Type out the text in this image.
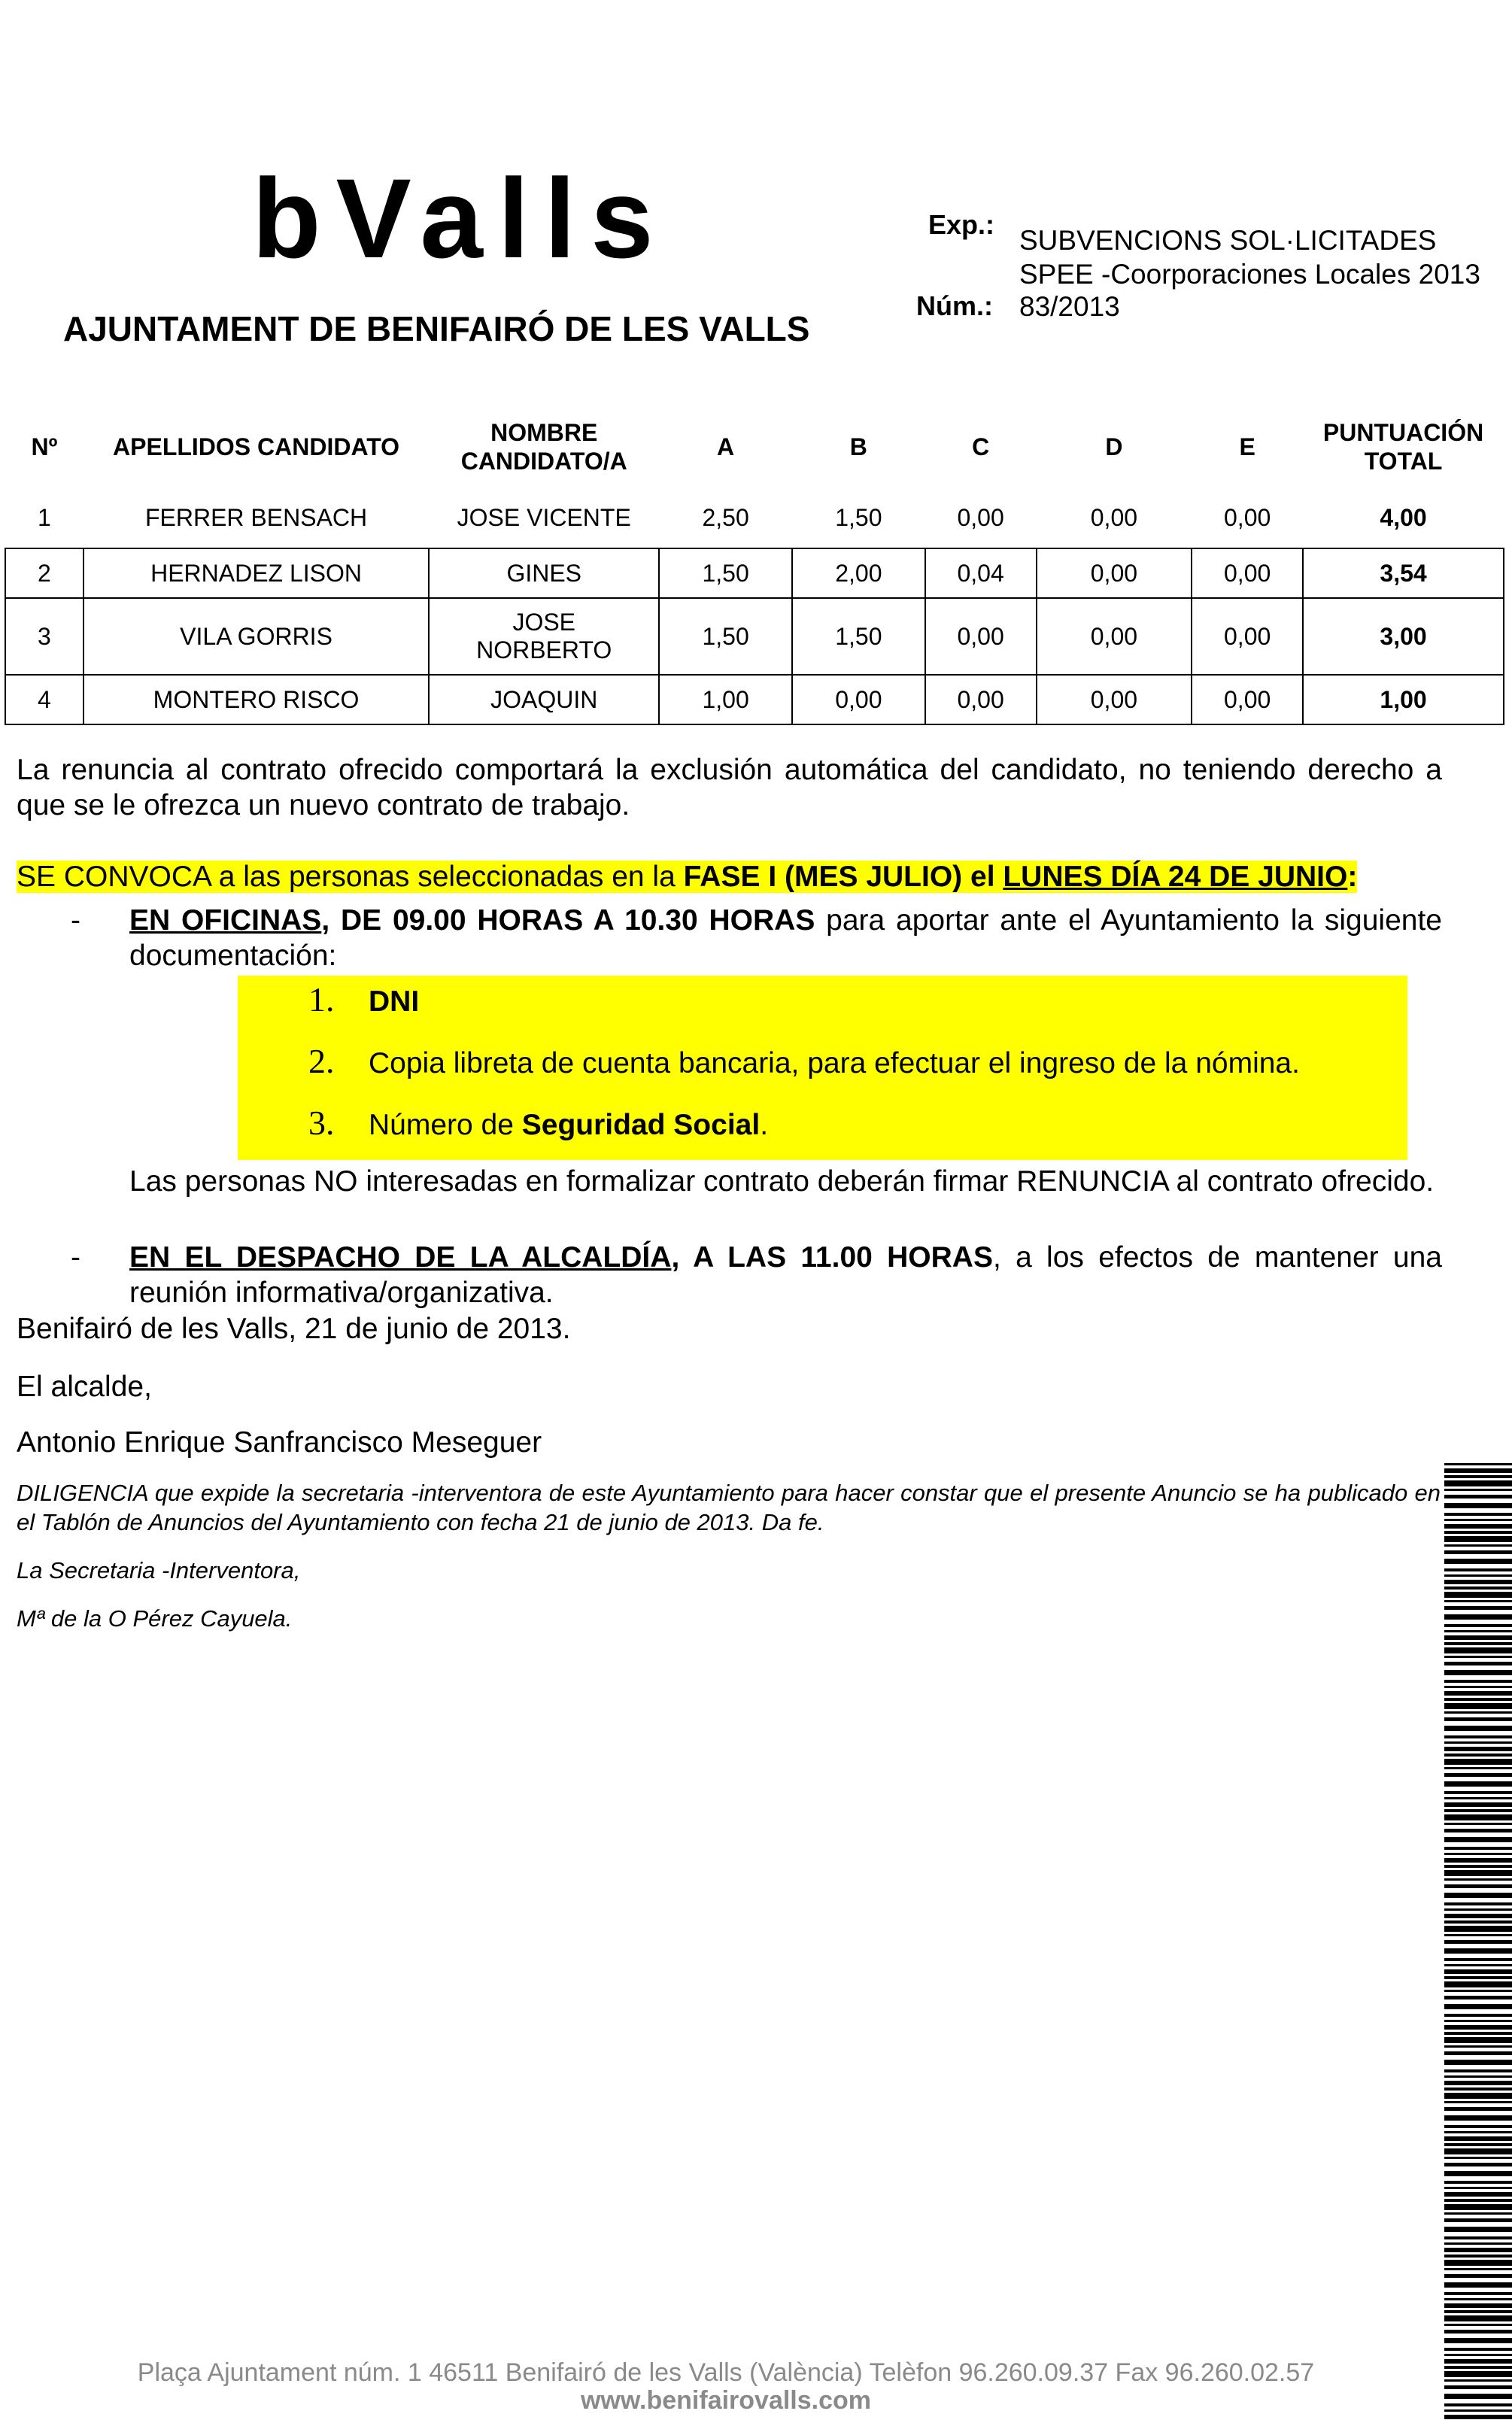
bValls
AJUNTAMENT DE BENIFAIRÓ DE LES VALLS
Exp.:
SUBVENCIONS SOL·LICITADES
SPEE -Coorporaciones Locales 2013
Núm.: 83/2013
Nº	APELLIDOS CANDIDATO	NOMBRE CANDIDATO/A	A	B	C	D	E	PUNTUACIÓN TOTAL
1	FERRER BENSACH	JOSE VICENTE	2,50	1,50	0,00	0,00	0,00	4,00
2	HERNADEZ LISON	GINES	1,50	2,00	0,04	0,00	0,00	3,54
3	VILA GORRIS	JOSE NORBERTO	1,50	1,50	0,00	0,00	0,00	3,00
4	MONTERO RISCO	JOAQUIN	1,00	0,00	0,00	0,00	0,00	1,00
La renuncia al contrato ofrecido comportará la exclusión automática del candidato, no teniendo derecho a que se le ofrezca un nuevo contrato de trabajo.
SE CONVOCA a las personas seleccionadas en la FASE I (MES JULIO) el LUNES DÍA 24 DE JUNIO:
- EN OFICINAS, DE 09.00 HORAS A 10.30 HORAS para aportar ante el Ayuntamiento la siguiente documentación:
1. DNI
2. Copia libreta de cuenta bancaria, para efectuar el ingreso de la nómina.
3. Número de Seguridad Social.
Las personas NO interesadas en formalizar contrato deberán firmar RENUNCIA al contrato ofrecido.
- EN EL DESPACHO DE LA ALCALDÍA, A LAS 11.00 HORAS, a los efectos de mantener una reunión informativa/organizativa.
Benifairó de les Valls, 21 de junio de 2013.
El alcalde,
Antonio Enrique Sanfrancisco Meseguer
DILIGENCIA que expide la secretaria -interventora de este Ayuntamiento para hacer constar que el presente Anuncio se ha publicado en el Tablón de Anuncios del Ayuntamiento con fecha 21 de junio de 2013. Da fe.
La Secretaria -Interventora,
Mª de la O Pérez Cayuela.
Plaça Ajuntament núm. 1 46511 Benifairó de les Valls (València) Telèfon 96.260.09.37 Fax 96.260.02.57
www.benifairovalls.com
